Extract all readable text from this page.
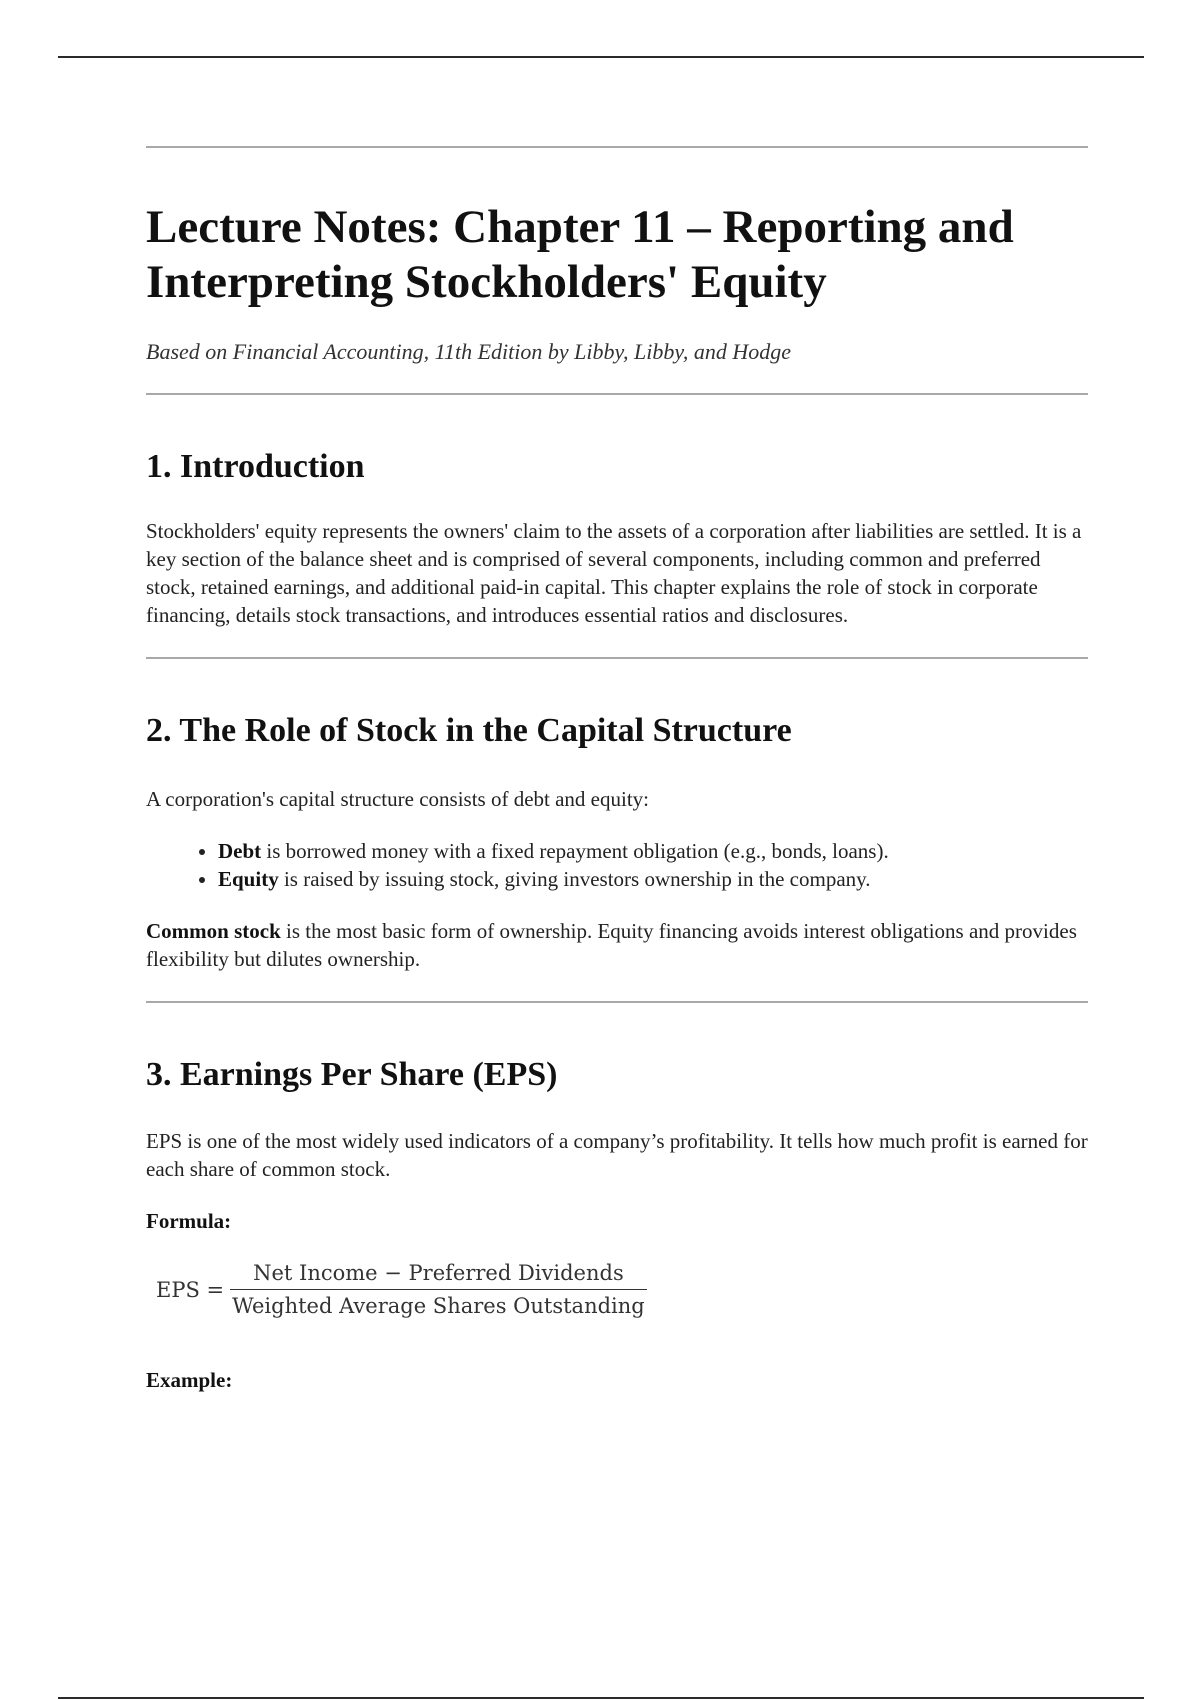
Lecture Notes: Chapter 11 – Reporting and Interpreting Stockholders' Equity

Based on Financial Accounting, 11th Edition by Libby, Libby, and Hodge

1. Introduction

Stockholders' equity represents the owners' claim to the assets of a corporation after liabilities are settled. It is a key section of the balance sheet and is comprised of several components, including common and preferred stock, retained earnings, and additional paid-in capital. This chapter explains the role of stock in corporate financing, details stock transactions, and introduces essential ratios and disclosures.

2. The Role of Stock in the Capital Structure

A corporation's capital structure consists of debt and equity:

• Debt is borrowed money with a fixed repayment obligation (e.g., bonds, loans).
• Equity is raised by issuing stock, giving investors ownership in the company.

Common stock is the most basic form of ownership. Equity financing avoids interest obligations and provides flexibility but dilutes ownership.

3. Earnings Per Share (EPS)

EPS is one of the most widely used indicators of a company’s profitability. It tells how much profit is earned for each share of common stock.

Formula:

EPS = $\frac{\text{Net Income − Preferred Dividends}}{\text{Weighted Average Shares Outstanding}}$

Example:
